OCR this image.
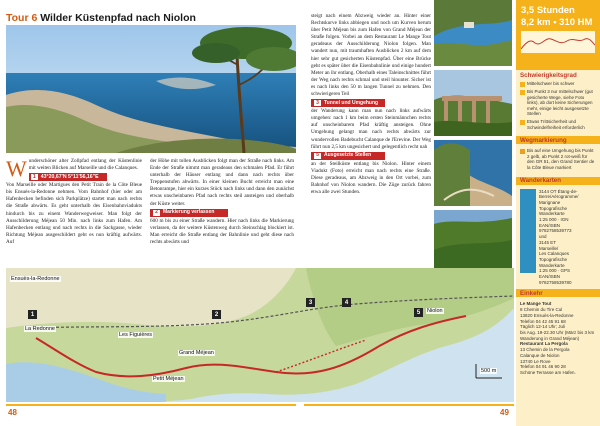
Tour 6 Wilder Küstenpfad nach Niolon
W underschöner alter Zollpfad entlang der Küstenlinie mit weiten Blicken auf Marseille und die Calanques.
1 43°20,67'N 5°11'56,16"E
Von Marseille oder Martigues den Petit Train de la Côte Bleue bis Ensuès-la-Redonne nehmen. Vom Bahnhof (hier oder am Hafenbecken befinden sich Parkplätze) startet man nach rechts die Straße abwärts. Es geht unterhalb des Eisenbahnviadukts hindurch bis zu einem Wanderwegweiser. Man folgt der Ausschilderung Méjean 50 Min. nach links zum Hafen. Am Hafenbecken entlang und nach rechts in die Sackgasse, wieder Richtung Méjean ausgeschildert geht es nun kräftig aufwärts. Auf
der Höhe mit tollen Ausblicken folgt man der Straße nach links. Am Ende der Straße nimmt man geradeaus den schmalen Pfad. Er führt unterhalb der Häuser entlang und dann nach rechts über Treppenstufen abwärts. In einer kleinen Bucht erreicht man eine Betonrampe, hier ein kurzes Stück nach links und dann den zunächst etwas unscheinbaren Pfad nach rechts steil ansteigen und oberhalb der Küste weiter.
2	Markierung verlassen
600 m bis zu einer Straße wandern. Hier nach links die Markierung verlassen, da der weitere Küstenweg durch Steinschlag blockiert ist. Man erreicht die Straße entlang der Bahnlinie und geht diese nach rechts abwärts und
steigt nach einem Abzweig wieder an. Hinter einer Rechtskurve links abbiegen und noch um Kurven herum über Petit Méjean bis zum Hafen von Grand Méjean der Straße folgen. Vorbei an dem Restaurant Le Mange Tout geradeaus der Ausschilderung Niolon folgen. Man wandert nun, mit traumhaften Ausblicken 2 km auf dem hier sehr gut gesicherten Küstenpfad. Über eine Brücke geht es später über die Eisenbahnlinie und einige hundert Meter an ihr entlang. Oberhalb eines Taleinschnittes führt der Weg nach rechts schmal und steil hinunter. Sicher ist es nach links den 50 m langen Tunnel zu nehmen. Den schwierigeren Teil
3	Tunnel und Umgehung
der Wanderung kann man nun nach links aufwärts umgehen: nach 1 km beim ersten Steinmännchen rechts auf unscheinbarem Pfad kräftig ansteigen. Ohne Umgehung gelangt man nach rechts abwärts zur wundervollen Badebucht Calanque de l'Erevine. Der Weg führt nun 2,5 km ungesichert und gelegentlich recht nah
5	Ausgesetzte Stellen
an der Steilküste entlang bis Niolon. Hinter einem Viadukt (Foto) erreicht man nach rechts eine Straße. Diese geradeaus, am Abzweig in den Ort vorbei, zum Bahnhof von Niolon wandern. Die Züge zurück fahren etwa alle zwei Stunden.
Ensuès-la-Redonne
La Redonne
Les Figuières
Grand Méjean
Petit Méjean
Niolon
500 m
1	2
3	4
5
3,5 Stunden
8,2 km • 310 HM
Schwierigkeitsgrad
Mittelschwer bis schwer
Bis Punkt 3 nur mittelschwer (gut gesicherte Wege, siehe Foto links), ab dort keine Sicherungen mehr, einige leicht ausgesetzte Stellen
Etwas Trittsicherheit und Schwindelfreiheit erforderlich
Wegmarkierung
Bis auf eine Umgehung bis Punkt 2 gelb, ab Punkt 2 rot-weiß für den GR 51, den Grand Sentier de la Côte Bleue markiert
Wanderkarten
3144 OT Étang-de-Berre/Aérogramme/
Marignane
Topografische
Wanderkarte
1:25 000 · IGN
EAN/ISBN
9782758539773
und
3145 ET
Marseille/
Les Calanques
Topografische
Wanderkarte
1:25 000 · GPS
EAN/ISBN
9782758539780
Einkehr
Le Mange Tout
8 Chemin du Tire Cul
13820 Ensuès-la-Redonne
Telefon 04 42 45 91 68
Täglich 12-14 Uhr; Juli
bis Aug. 19-22.30 Uhr (März bis 3 km Wanderung in Grand Méjean)
Restaurant La Pergola
13 Chemin de la Pergola
Calanque de Niolon
13740 Le Rove
Telefon 04 91 46 90 28
Schöne Terrasse am Hafen.
48	49
